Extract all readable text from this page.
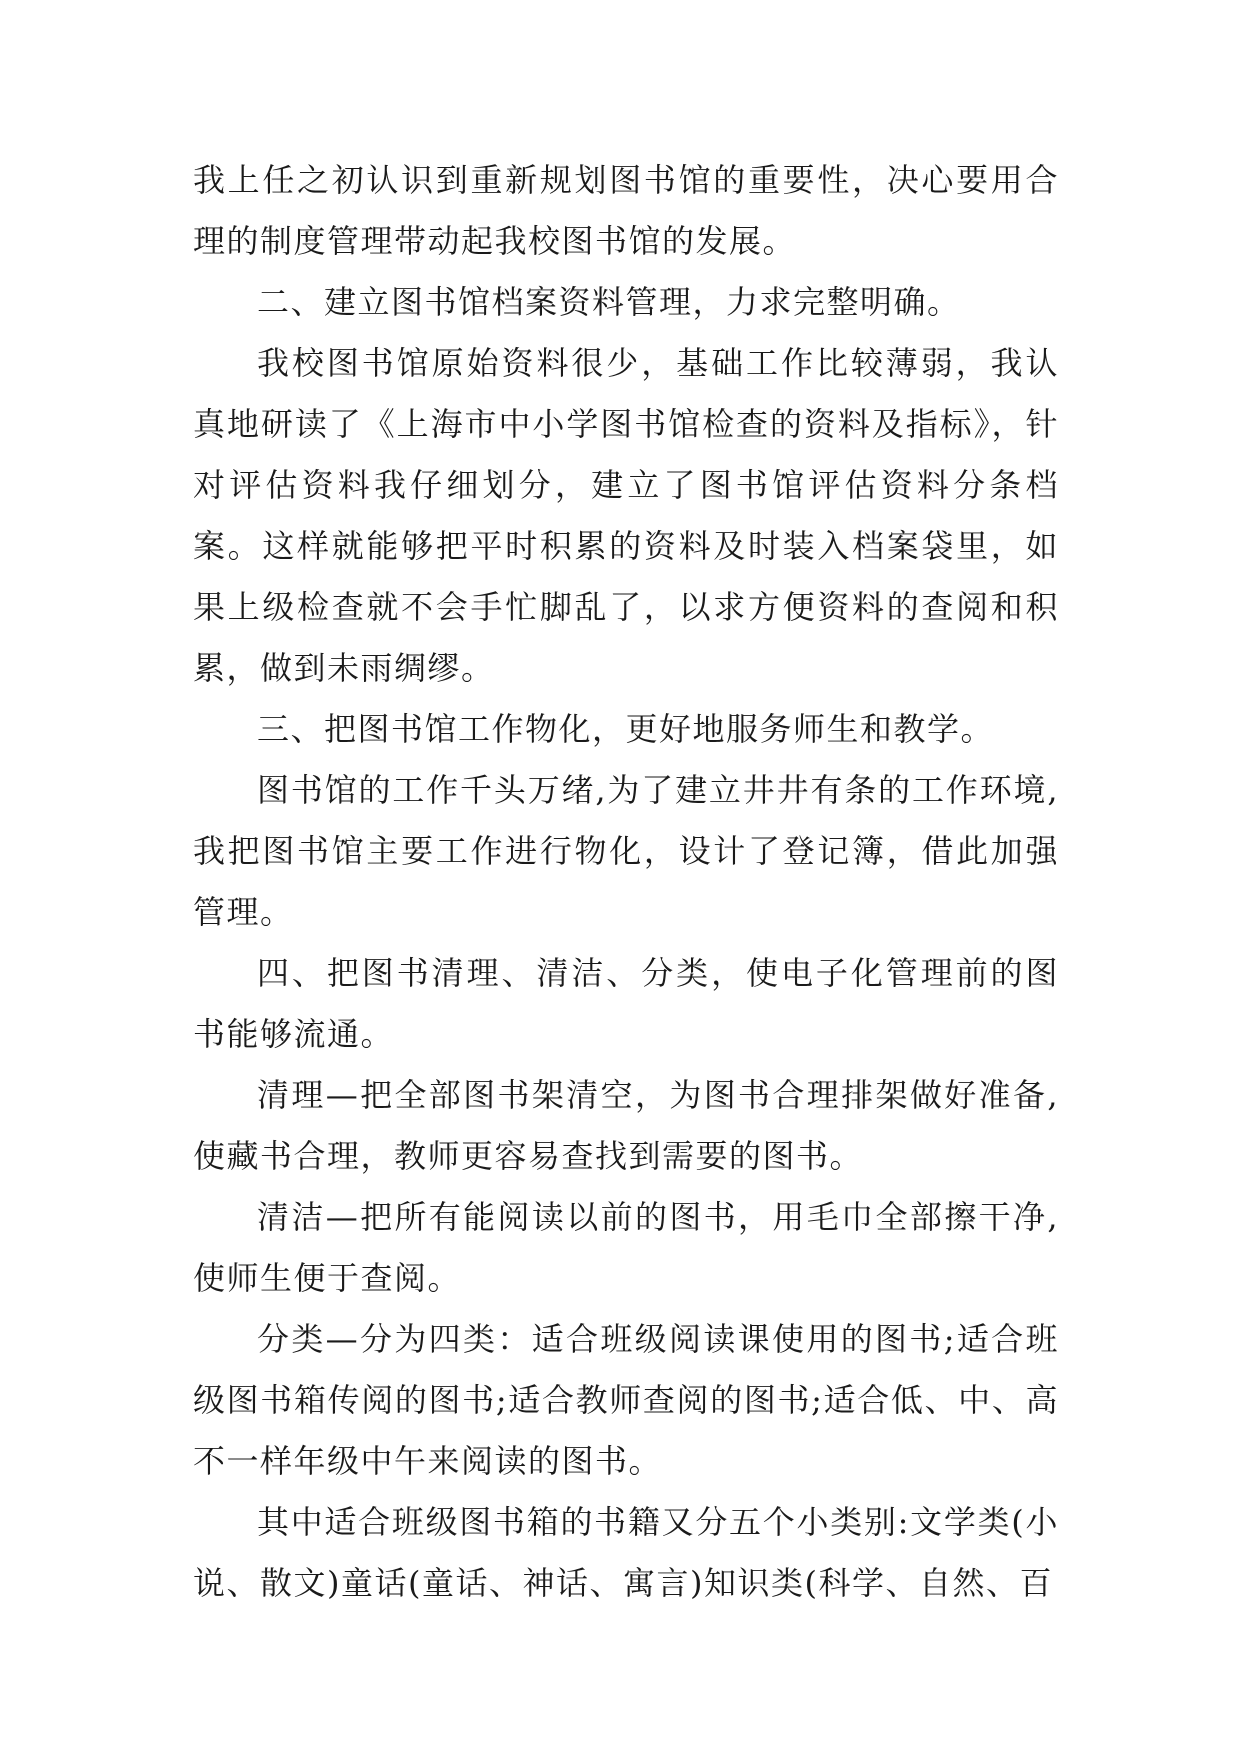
我上任之初认识到重新规划图书馆的重要性，决心要用合理的制度管理带动起我校图书馆的发展。

二、建立图书馆档案资料管理，力求完整明确。

我校图书馆原始资料很少，基础工作比较薄弱，我认真地研读了《上海市中小学图书馆检查的资料及指标》，针对评估资料我仔细划分，建立了图书馆评估资料分条档案。这样就能够把平时积累的资料及时装入档案袋里，如果上级检查就不会手忙脚乱了，以求方便资料的查阅和积累，做到未雨绸缪。

三、把图书馆工作物化，更好地服务师生和教学。

图书馆的工作千头万绪,为了建立井井有条的工作环境,我把图书馆主要工作进行物化，设计了登记簿，借此加强管理。

四、把图书清理、清洁、分类，使电子化管理前的图书能够流通。

清理—把全部图书架清空，为图书合理排架做好准备,使藏书合理，教师更容易查找到需要的图书。

清洁—把所有能阅读以前的图书，用毛巾全部擦干净,使师生便于查阅。

分类—分为四类：适合班级阅读课使用的图书;适合班级图书箱传阅的图书;适合教师查阅的图书;适合低、中、高不一样年级中午来阅读的图书。

其中适合班级图书箱的书籍又分五个小类别:文学类(小说、散文)童话(童话、神话、寓言)知识类(科学、自然、百
